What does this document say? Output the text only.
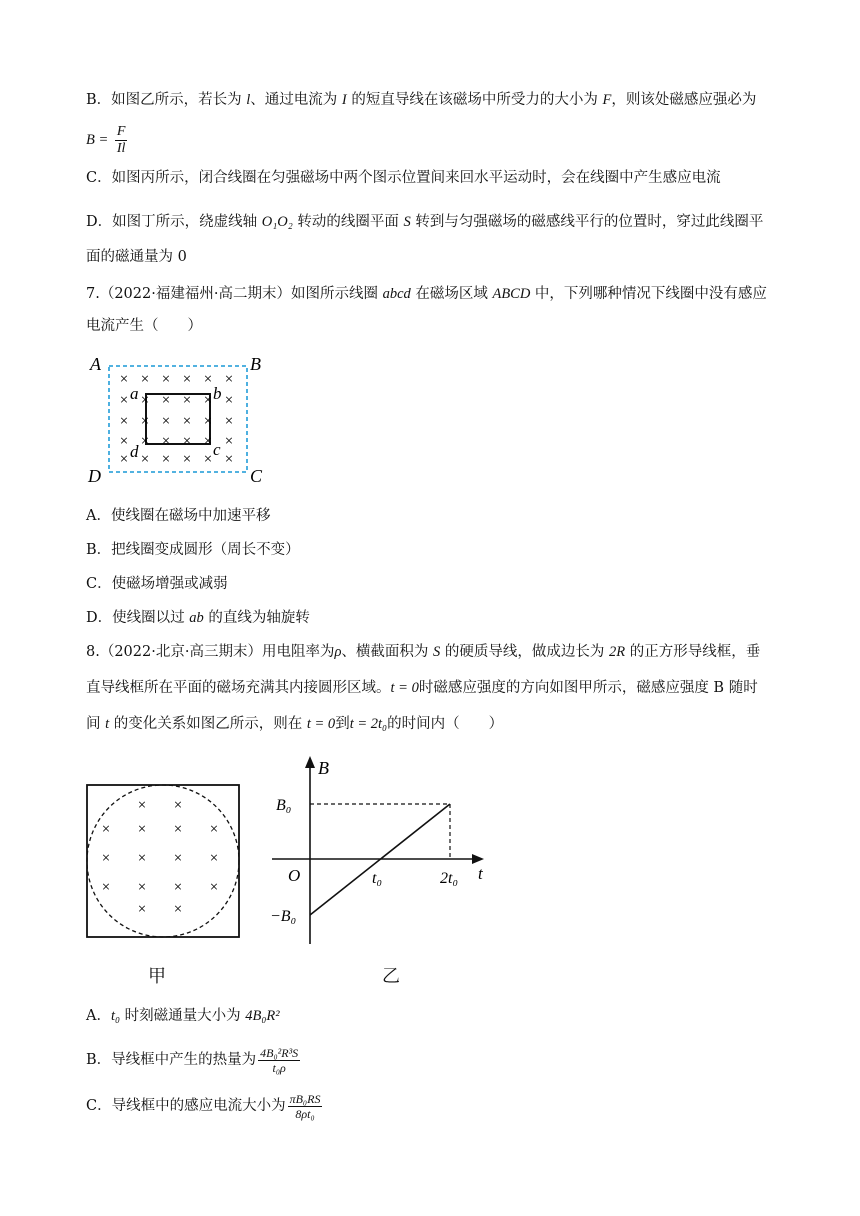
B．如图乙所示，若长为 l、通过电流为 I 的短直导线在该磁场中所受力的大小为 F，则该处磁感应强必为
$B = \frac{F}{Il}$
C．如图丙所示，闭合线圈在匀强磁场中两个图示位置间来回水平运动时，会在线圈中产生感应电流
D．如图丁所示，绕虚线轴 O₁O₂ 转动的线圈平面 S 转到与匀强磁场的磁感线平行的位置时，穿过此线圈平
面的磁通量为 0
7.（2022·福建福州·高二期末）如图所示线圈 abcd 在磁场区域 ABCD 中，下列哪种情况下线圈中没有感应
电流产生（　　）
A	B
C
D
a	b
c
d
× × × × × ×
× × × × × ×
× × × × × ×
× × × × × ×
× × × × × ×
A．使线圈在磁场中加速平移
B．把线圈变成圆形（周长不变）
C．使磁场增强或减弱
D．使线圈以过 ab 的直线为轴旋转
8.（2022·北京·高三期末）用电阻率为ρ、横截面积为 S 的硬质导线，做成边长为 2R 的正方形导线框，垂
直导线框所在平面的磁场充满其内接圆形区域。t = 0时磁感应强度的方向如图甲所示，磁感应强度 B 随时
间 t 的变化关系如图乙所示，则在 t = 0到t = 2t₀的时间内（　　）
× ×
× × × ×
× × × ×
× × × ×
× ×
甲
B
t
O
B₀
−B₀
t₀	2t₀
乙
A．t₀ 时刻磁通量大小为 4B₀R²
B．导线框中产生的热量为 $\frac{\text{4B₀²R³S}}{\text{t₀ρ}}$
C．导线框中的感应电流大小为 $\frac{\text{πB₀RS}}{\text{8ρt₀}}$
